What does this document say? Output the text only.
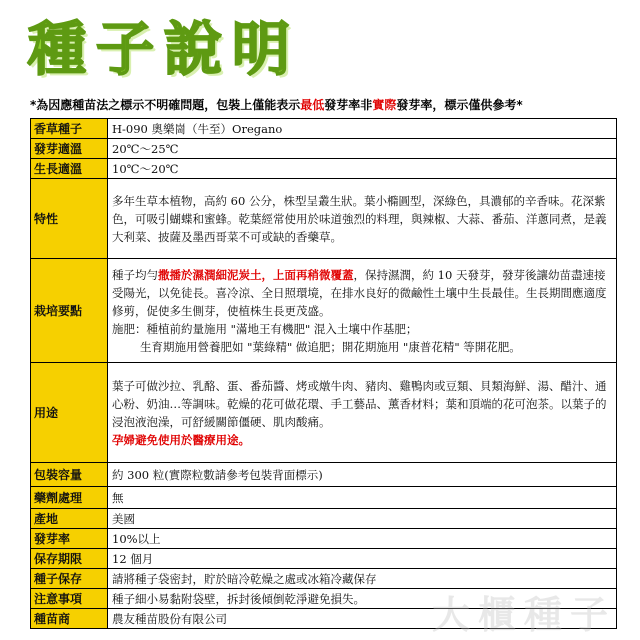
種子說明
*為因應種苗法之標示不明確問題，包裝上僅能表示最低發芽率非實際發芽率，標示僅供參考*
香草種子	H-090 奧樂崗（牛至）Oregano
發芽適溫	20℃～25℃
生長適溫	10℃～20℃
特性	多年生草本植物，高約 60 公分，株型呈叢生狀。葉小橢圓型，深綠色，具濃郁的辛香味。花深紫色，可吸引蝴蝶和蜜蜂。乾葉經常使用於味道強烈的料理，與辣椒、大蒜、番茄、洋蔥同煮，是義大利菜、披薩及墨西哥菜不可或缺的香藥草。

栽培要點	種子均勻撒播於濕潤細泥炭土，上面再稍微覆蓋，保持濕潤，約 10 天發芽，發芽後讓幼苗盡速接受陽光，以免徒長。喜冷涼、全日照環境，在排水良好的微鹼性土壤中生長最佳。生長期間應適度修剪，促使多生側芽，使植株生長更茂盛。
施肥：種植前約量施用 "滿地王有機肥" 混入土壤中作基肥；
生育期施用營養肥如 "葉綠精" 做追肥；開花期施用 "康普花精" 等開花肥。

用途	葉子可做沙拉、乳酪、蛋、番茄醬、烤或燉牛肉、豬肉、雞鴨肉或豆類、貝類海鮮、湯、醋汁、通心粉、奶油…等調味。乾燥的花可做花環、手工藝品、薰香材料；葉和頂端的花可泡茶。以葉子的浸泡液泡澡，可舒緩關節僵硬、肌肉酸痛。
孕婦避免使用於醫療用途。

包裝容量	約 300 粒(實際粒數請參考包裝背面標示)
藥劑處理	無
產地	美國
發芽率	10%以上
保存期限	12 個月
種子保存	請將種子袋密封，貯於暗冷乾燥之處或冰箱冷藏保存
注意事項	種子細小易黏附袋壁，拆封後傾倒乾淨避免損失。
種苗商	農友種苗股份有限公司	大櫃種子
